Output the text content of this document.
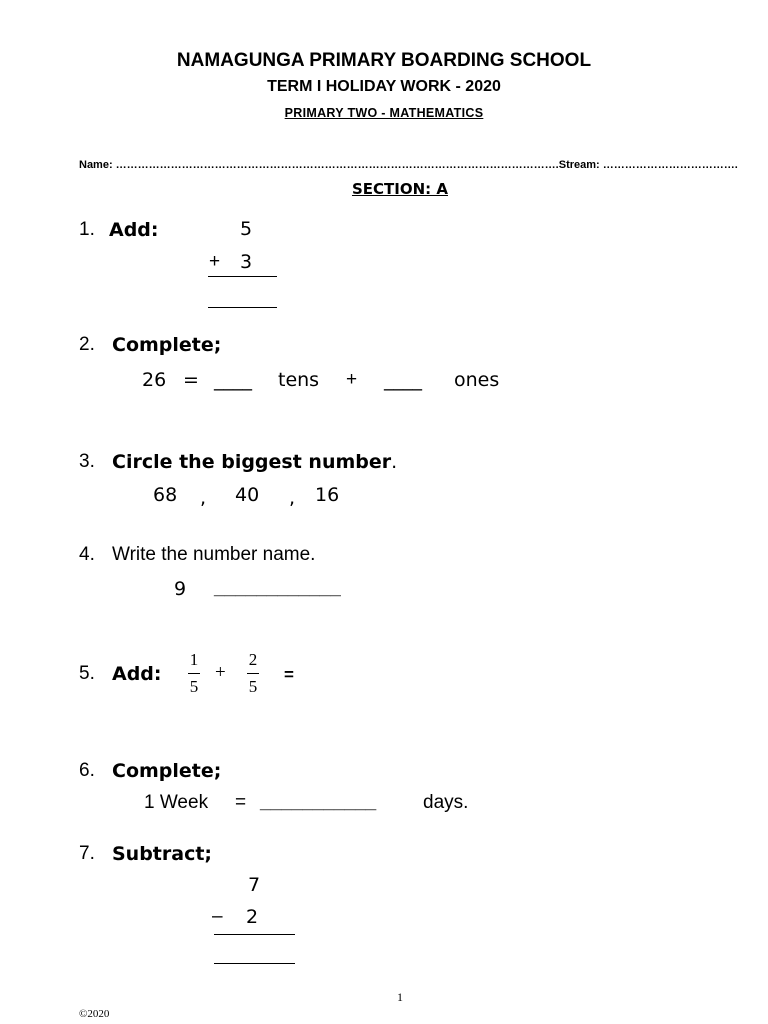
NAMAGUNGA PRIMARY BOARDING SCHOOL
TERM I HOLIDAY WORK - 2020
PRIMARY TWO - MATHEMATICS
Name: ………………………………………………………………………………………………………….Stream: ……………………………….
SECTION: A
1. Add:	5
+ 3
2. Complete;
26 = ____ tens + ____ ones
3. Circle the biggest number.
68 , 40 , 16
4. Write the number name.
9 ____________
5. Add:
1
5
+
2
5
=
6. Complete;
1 Week = ___________ days.
7. Subtract;
7
– 2
1
©2020
